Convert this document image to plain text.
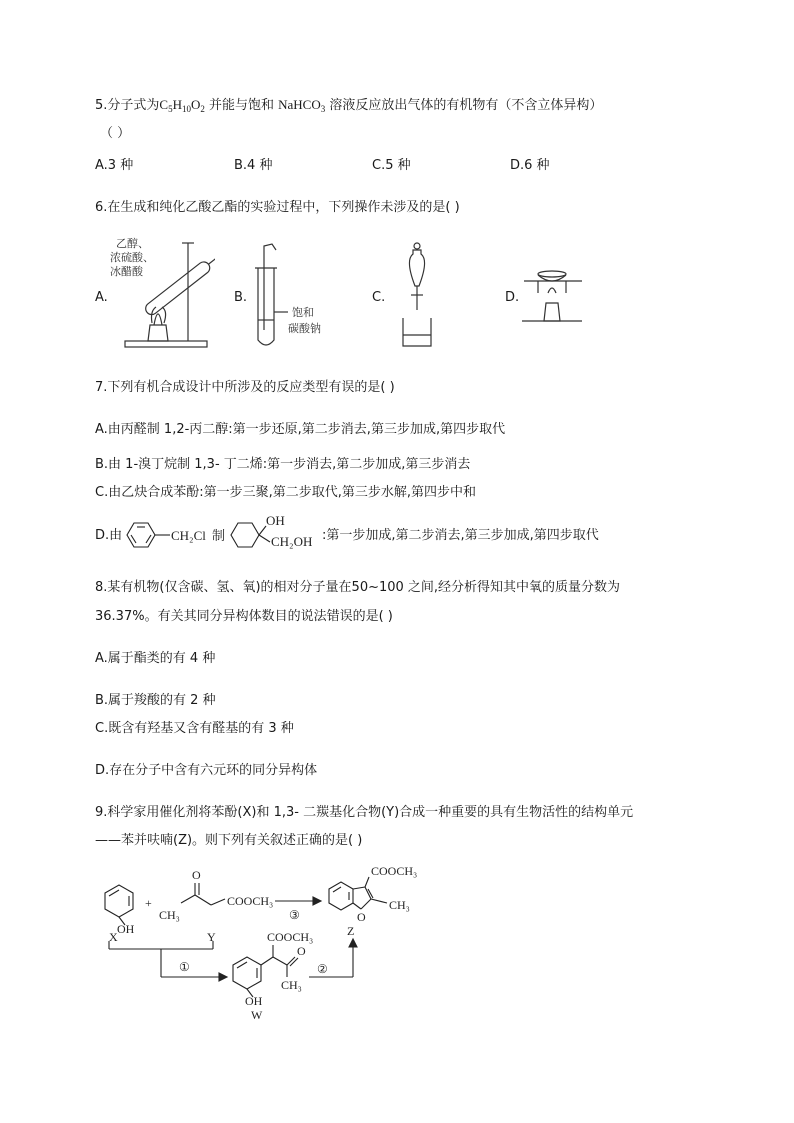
5.分子式为$C_5H_{10}O_2$ 并能与饱和 NaHCO$_3$ 溶液反应放出气体的有机物有（不含立体异构）
（ ）
A.3 种	B.4 种	C.5 种	D.6 种
6.在生成和纯化乙酸乙酯的实验过程中，下列操作未涉及的是( )
A.	B.	C.	D.
乙醇、
浓硫酸、
冰醋酸
饱和
碳酸钠
7.下列有机合成设计中所涉及的反应类型有误的是( )
A.由丙醛制 1,2-丙二醇:第一步还原,第二步消去,第三步加成,第四步取代
B.由 1-溴丁烷制 1,3- 丁二烯:第一步消去,第二步加成,第三步消去
C.由乙炔合成苯酚:第一步三聚,第二步取代,第三步水解,第四步中和
D.由	CH₂Cl 制
OH
CH₂OH :第一步加成,第二步消去,第三步加成,第四步取代
8.某有机物(仅含碳、氢、氧)的相对分子量在50~100 之间,经分析得知其中氧的质量分数为
36.37%。有关其同分异构体数目的说法错误的是( )
A.属于酯类的有 4 种
B.属于羧酸的有 2 种
C.既含有羟基又含有醛基的有 3 种
D.存在分子中含有六元环的同分异构体
9.科学家用催化剂将苯酚(X)和 1,3- 二羰基化合物(Y)合成一种重要的具有生物活性的结构单元
——苯并呋喃(Z)。则下列有关叙述正确的是( )
OH
+
CH₃
O
COOCH₃
③
COOCH₃
CH₃
O
X	Y	Z
①
COOCH₃
O
CH₃
OH
②
W
